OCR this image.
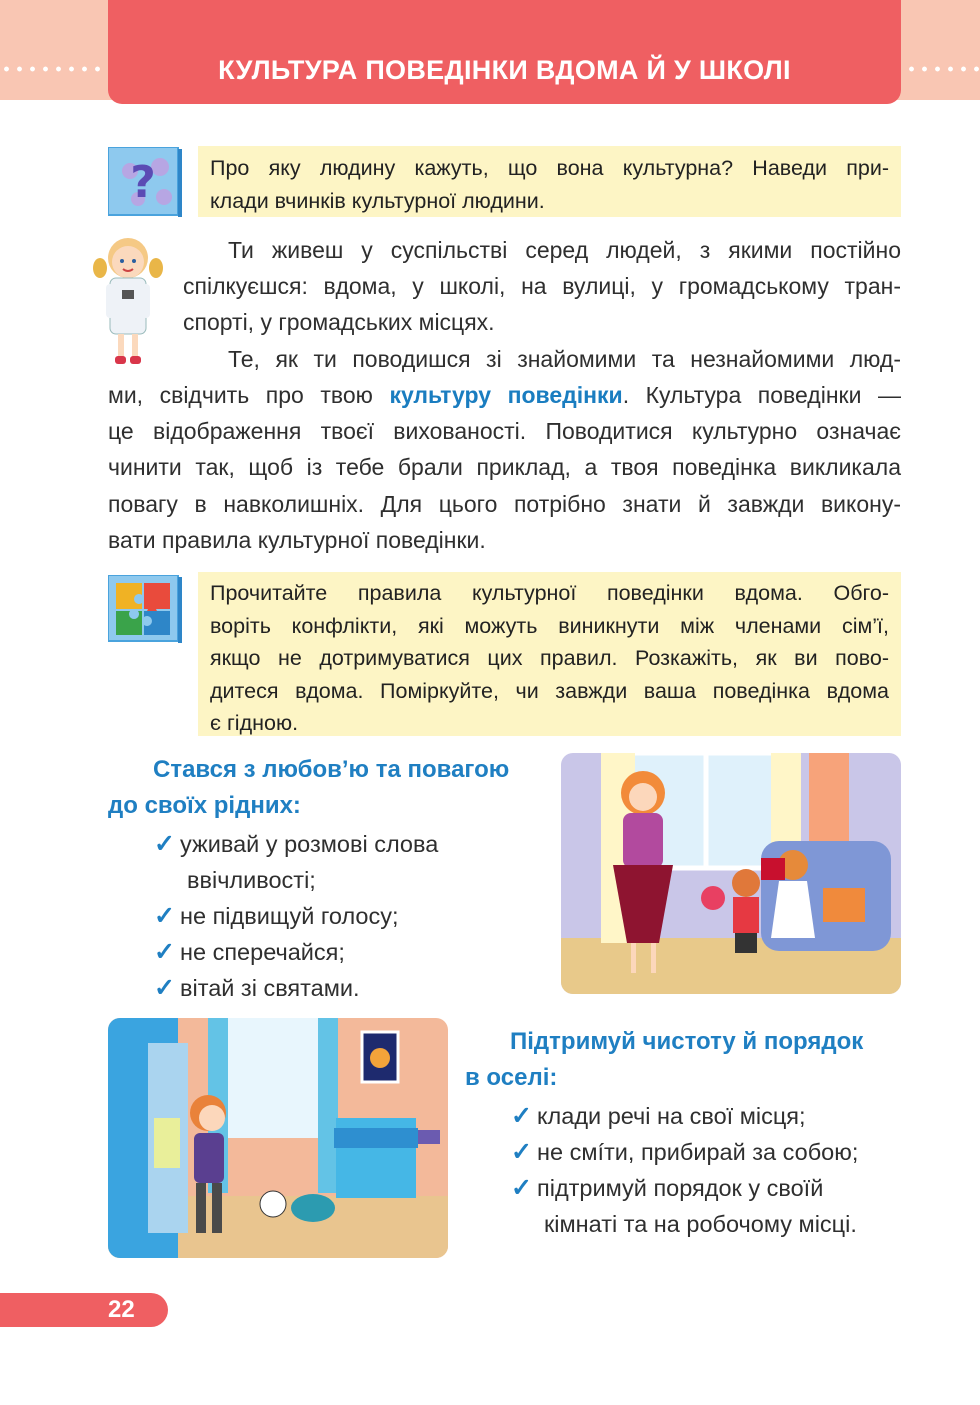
КУЛЬТУРА ПОВЕДІНКИ ВДОМА Й У ШКОЛІ
?	Про яку людину кажуть, що вона культурна? Наведи при-

клади вчинків культурної людини.

Ти живеш у суспільстві серед людей, з якими постійно

спілкуєшся: вдома, у школі, на вулиці, у громадському тран-

спорті, у громадських місцях.

Те, як ти поводишся зі знайомими та незнайомими люд-

ми, свідчить про твою культуру поведінки. Культура поведінки —

це відображення твоєї вихованості. Поводитися культурно означає

чинити так, щоб із тебе брали приклад, а твоя поведінка викликала

повагу в навколишніх. Для цього потрібно знати й завжди викону-

вати правила культурної поведінки.

Прочитайте правила культурної поведінки вдома. Обго-

воріть конфлікти, які можуть виникнути між членами сім’ї,

якщо не дотримуватися цих правил. Розкажіть, як ви пово-

дитеся вдома. Поміркуйте, чи завжди ваша поведінка вдома

є гідною.

Стався з любов’ю та повагою
до своїх рідних:
✓ уживай у розмові слова
ввічливості;
✓ не підвищуй голосу;
✓ не сперечайся;
✓ вітай зі святами.
Підтримуй чистоту й порядок
в оселі:
✓ клади речі на свої місця;
✓ не смíти, прибирай за собою;
✓ підтримуй порядок у своїй
кімнаті та на робочому місці.
22
